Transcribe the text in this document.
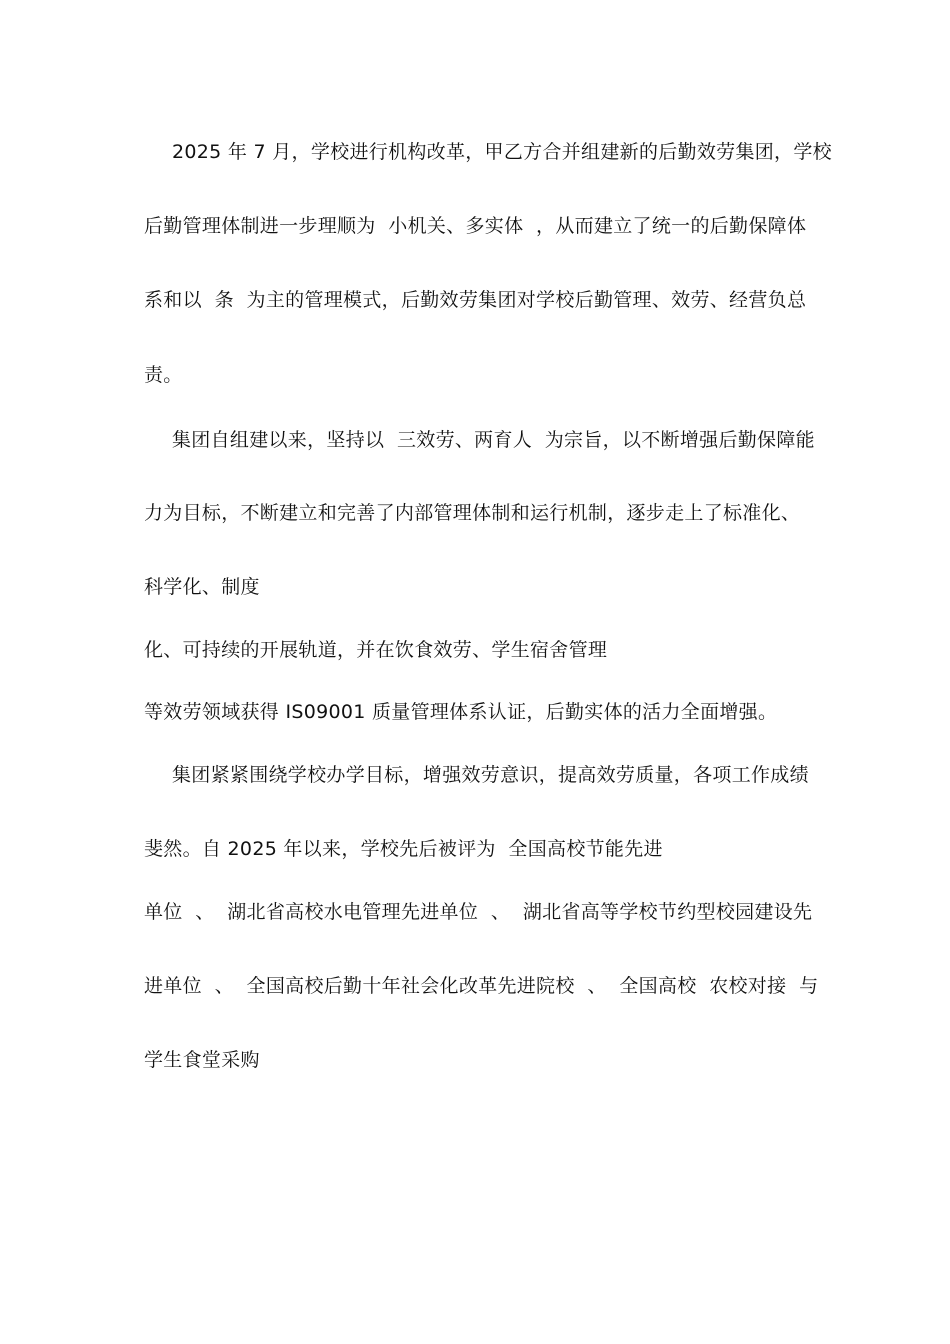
2025 年 7 月，学校进行机构改革，甲乙方合并组建新的后勤效劳集团，学校
后勤管理体制进一步理顺为  小机关、多实体  ，从而建立了统一的后勤保障体
系和以  条  为主的管理模式，后勤效劳集团对学校后勤管理、效劳、经营负总
责。
集团自组建以来，坚持以  三效劳、两育人  为宗旨，以不断增强后勤保障能
力为目标，不断建立和完善了内部管理体制和运行机制，逐步走上了标准化、
科学化、制度
化、可持续的开展轨道，并在饮食效劳、学生宿舍管理
等效劳领域获得 IS09001 质量管理体系认证，后勤实体的活力全面增强。
集团紧紧围绕学校办学目标，增强效劳意识，提高效劳质量，各项工作成绩
斐然。自 2025 年以来，学校先后被评为  全国高校节能先进
单位  、  湖北省高校水电管理先进单位  、  湖北省高等学校节约型校园建设先
进单位  、  全国高校后勤十年社会化改革先进院校  、  全国高校  农校对接  与
学生食堂采购
